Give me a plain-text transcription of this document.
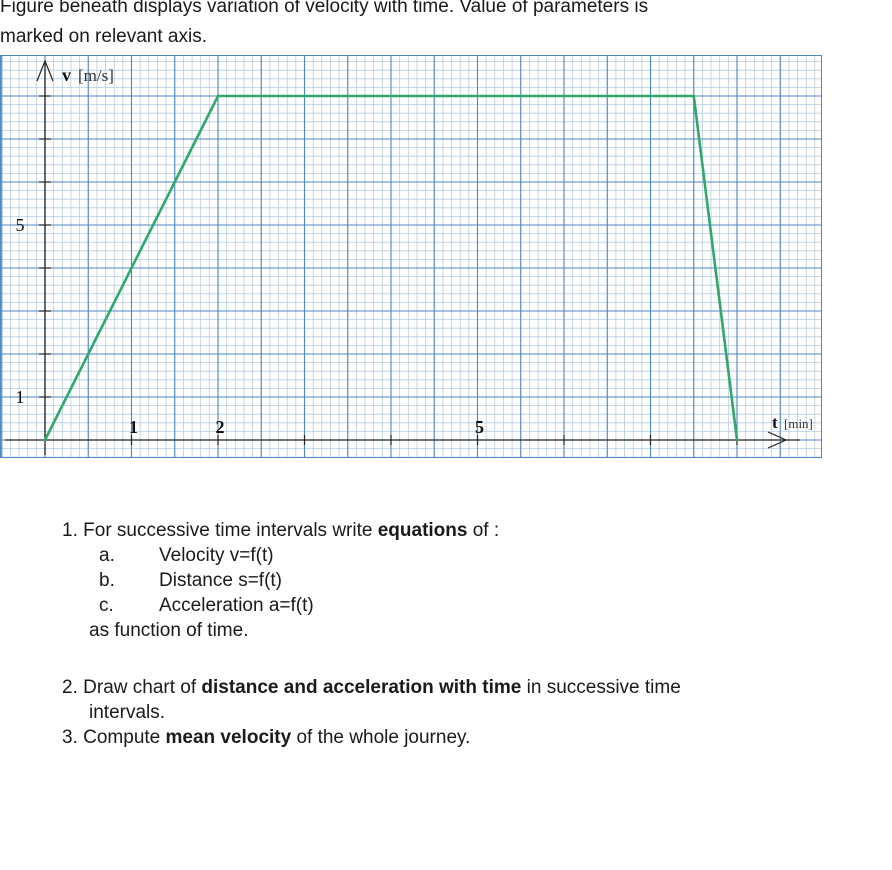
Figure beneath displays variation of velocity with time. Value of parameters is
marked on relevant axis.

1	2	5
1
5
v [m/s]
t [min]
1. For successive time intervals write equations of :
a.	Velocity v=f(t)
b.	Distance s=f(t)
c.	Acceleration a=f(t)
as function of time.
2. Draw chart of distance and acceleration with time in successive time
intervals.
3. Compute mean velocity of the whole journey.
